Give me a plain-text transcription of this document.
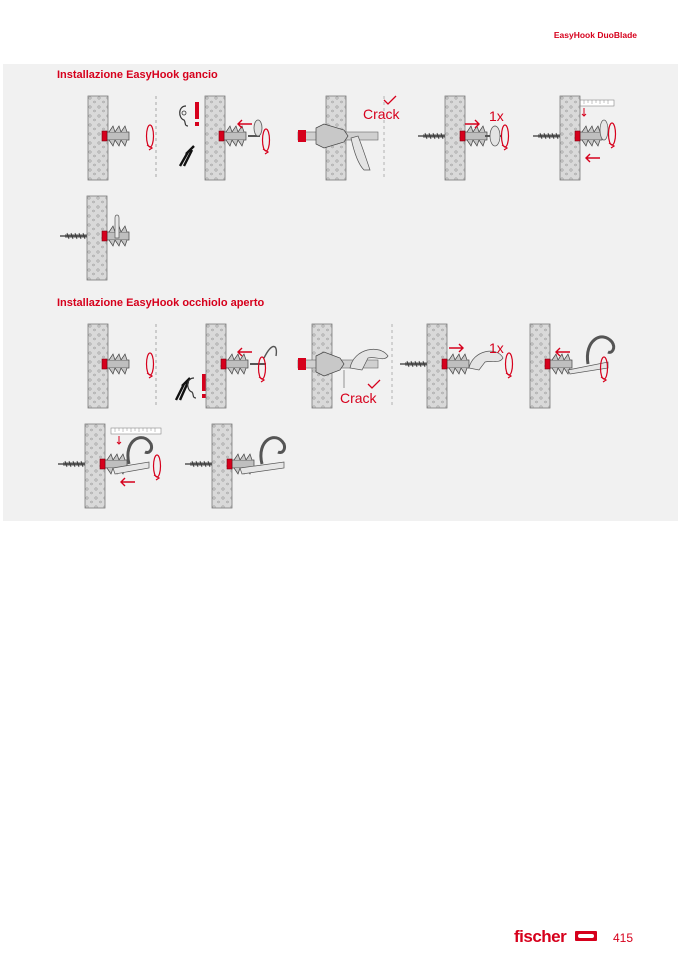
EasyHook DuoBlade
Installazione EasyHook gancio
Installazione EasyHook occhiolo aperto
Crack	1x
Crack
1x
fischer	415
